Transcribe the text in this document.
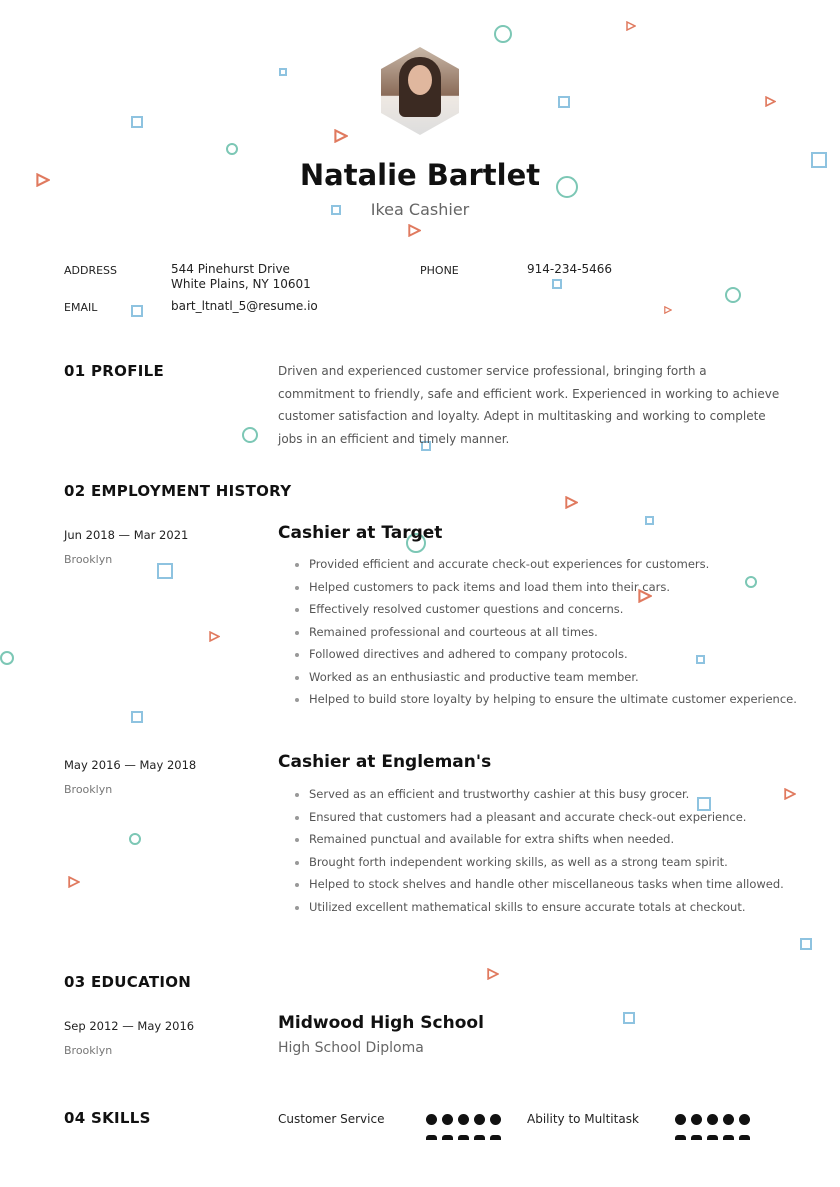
Natalie Bartlet
Ikea Cashier
ADDRESS	544 Pinehurst Drive
White Plains, NY 10601
PHONE	914-234-5466
EMAIL	bart_ltnatl_5@resume.io
01 PROFILE	Driven and experienced customer service professional, bringing forth a commitment to friendly, safe and efficient work. Experienced in working to achieve customer satisfaction and loyalty. Adept in multitasking and working to complete jobs in an efficient and timely manner.
02 EMPLOYMENT HISTORY
Jun 2018 — Mar 2021
Brooklyn
Cashier at Target
Provided efficient and accurate check-out experiences for customers.
Helped customers to pack items and load them into their cars.
Effectively resolved customer questions and concerns.
Remained professional and courteous at all times.
Followed directives and adhered to company protocols.
Worked as an enthusiastic and productive team member.
Helped to build store loyalty by helping to ensure the ultimate customer experience.
May 2016 — May 2018
Brooklyn
Cashier at Engleman's
Served as an efficient and trustworthy cashier at this busy grocer.
Ensured that customers had a pleasant and accurate check-out experience.
Remained punctual and available for extra shifts when needed.
Brought forth independent working skills, as well as a strong team spirit.
Helped to stock shelves and handle other miscellaneous tasks when time allowed.
Utilized excellent mathematical skills to ensure accurate totals at checkout.
03 EDUCATION
Sep 2012 — May 2016
Brooklyn
Midwood High School
High School Diploma
04 SKILLS	Customer Service	Ability to Multitask
